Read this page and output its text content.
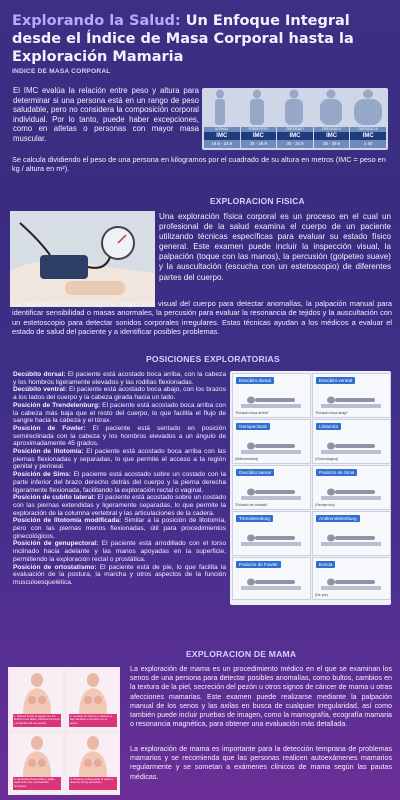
Explorando la Salud: Un Enfoque Integral desde el Índice de Masa Corporal hasta la Exploración Mamaria
INDICE DE MASA CORPORAL
El IMC evalúa la relación entre peso y altura para determinar si una persona está en un rango de peso saludable, pero no considera la composición corporal individual. Por lo tanto, puede haber excepciones, como en atletas o personas con mayor masa muscular.
NORMAL
IMC
18.5 - 24.9
SOBREPESO
IMC
25 - 29.9
OBESIDAD I
IMC
30 - 34.9
OBESIDAD II
IMC
35 - 39.9
OBESIDAD III
IMC
≥ 40
Se calcula dividiendo el peso de una persona en kilogramos por el cuadrado de su altura en metros (IMC = peso en kg / altura en m²).
EXPLORACION FISICA
Una exploración física corporal es un proceso en el cual un profesional de la salud examina el cuerpo de un paciente utilizando técnicas específicas para evaluar su estado físico general. Este examen puede incluir la inspección visual, la palpación (toque con las manos), la percusión (golpeteo suave) y la auscultación (escucha con un estetoscopio) de diferentes partes del cuerpo.
La exploración física incluye la inspección visual del cuerpo para detectar anomalías, la palpación manual para identificar sensibilidad o masas anormales, la percusión para evaluar la resonancia de tejidos y la auscultación con un estetoscopio para detectar sonidos corporales irregulares. Estas técnicas ayudan a los médicos a evaluar el estado de salud del paciente y a identificar posibles problemas.
POSICIONES EXPLORATORIAS
Decúbito dorsal: El paciente está acostado boca arriba, con la cabeza y los hombros ligeramente elevados y las rodillas flexionadas.
Decúbito ventral: El paciente está acostado boca abajo, con los brazos a los lados del cuerpo y la cabeza girada hacia un lado.
Posición de Trendelenburg: El paciente está acostado boca arriba con la cabeza más baja que el resto del cuerpo, lo que facilita el flujo de sangre hacia la cabeza y el tórax.
Posición de Fowler: El paciente está sentado en posición semireclinada con la cabeza y los hombros elevados a un ángulo de aproximadamente 45 grados.
Posición de litotomía: El paciente está acostado boca arriba con las piernas flexionadas y separadas, lo que permite el acceso a la región genital y perineal.
Posición de Sims: El paciente está acostado sobre un costado con la parte inferior del brazo derecho detrás del cuerpo y la pierna derecha ligeramente flexionada, facilitando la exploración rectal o vaginal.
Posición de cubito lateral: El paciente está acostado sobre un costado con las piernas extendidas y ligeramente separadas, lo que permite la exploración de la columna vertebral y las articulaciones de la cadera.
Posición de litotomía modificada: Similar a la posición de litotomía, pero con las piernas menos flexionadas, útil para procedimientos ginecológicos.
Posición de genupectoral: El paciente está arrodillado con el torso inclinado hacia adelante y las manos apoyadas en la superficie, permitiendo la exploración rectal o prostática.
Posición de ortostatismo: El paciente está de pie, lo que facilita la evaluación de la postura, la marcha y otros aspectos de la función musculoesquelética.
Decúbito dorsal
"Echado boca arriba"
Decúbito ventral
"Echado boca abajo"
Genupectoral
(Mahometana)
Litotomía
(Ginecológica)
Decúbito lateral
"Echado de costado"
Posición de Sims
(Semiprono)
Trendelemburg	Antitrendelemburg
Posición de Fowler	Erecta
(De pie)
EXPLORACION DE MAMA
1. Párese frente al espejo con los brazos a los lados. Observe la forma y el tamaño de sus senos.
2. Levante los brazos y observe si hay cambios en la piel o en el pezón.
3. Acuéstese boca arriba y palpe cada seno con movimientos circulares.
4. Presione suavemente el pezón y observe si hay secreción.
La exploración de mama es un procedimiento médico en el que se examinan los senos de una persona para detectar posibles anomalías, como bultos, cambios en la textura de la piel, secreción del pezón u otros signos de cáncer de mama u otras afecciones mamarias. Este examen puede realizarse mediante la palpación manual de los senos y las axilas en busca de cualquier irregularidad, así como también puede incluir pruebas de imagen, como la mamografía, ecografía mamaria o resonancia magnética, para obtener una evaluación más detallada.
La exploración de mama es importante para la detección temprana de problemas mamarios y se recomienda que las personas realicen autoexámenes mamarios regularmente y se sometan a exámenes clínicos de mama según las pautas médicas.
